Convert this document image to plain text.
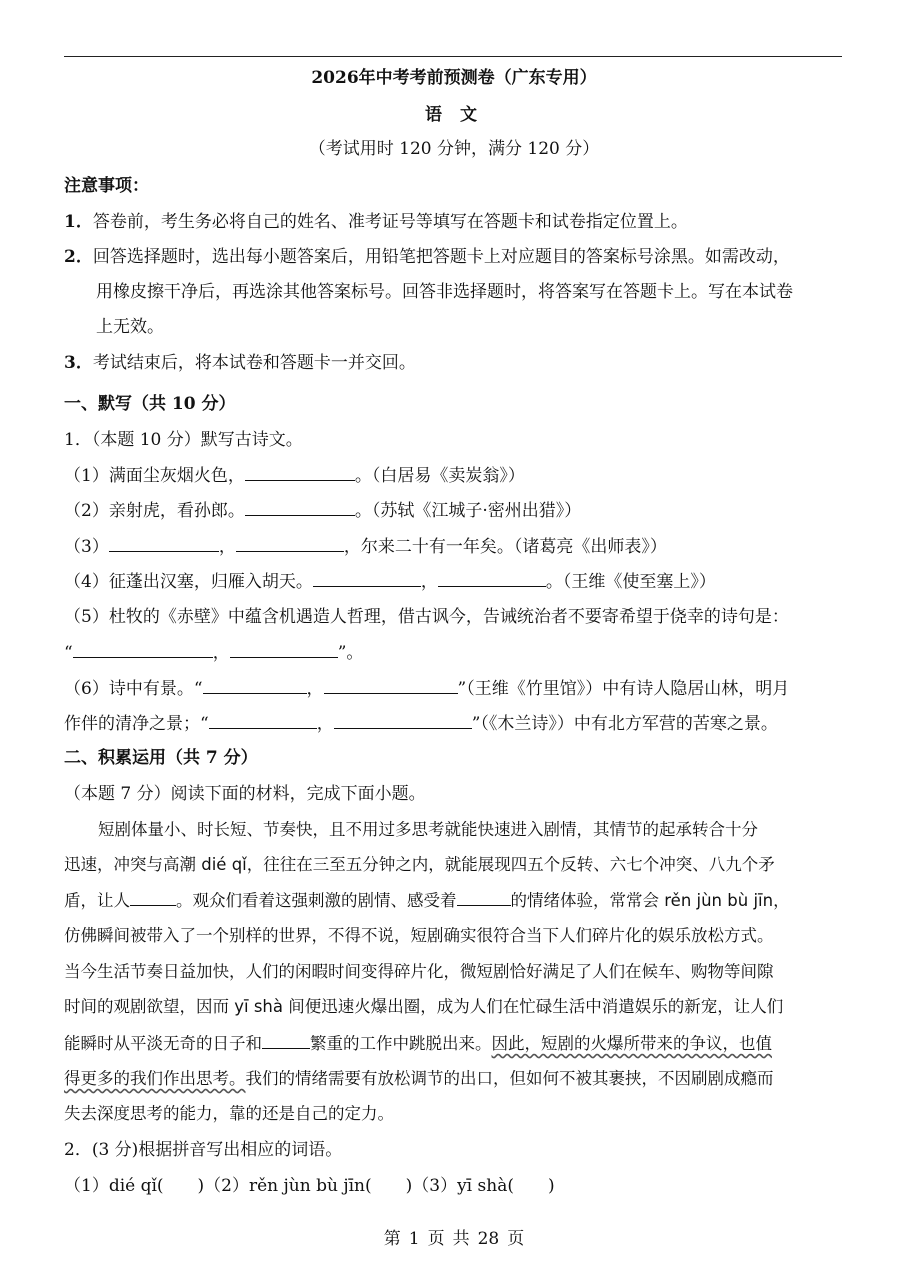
2026年中考考前预测卷（广东专用）
语 文
（考试用时 120 分钟，满分 120 分）
注意事项：
1．答卷前，考生务必将自己的姓名、准考证号等填写在答题卡和试卷指定位置上。
2．回答选择题时，选出每小题答案后，用铅笔把答题卡上对应题目的答案标号涂黑。如需改动，
用橡皮擦干净后，再选涂其他答案标号。回答非选择题时，将答案写在答题卡上。写在本试卷
上无效。
3．考试结束后，将本试卷和答题卡一并交回。
一、默写（共 10 分）
1．（本题 10 分）默写古诗文。
（1）满面尘灰烟火色，	。（白居易《卖炭翁》）
（2）亲射虎，看孙郎。	。（苏轼《江城子·密州出猎》）
（3）	，	，尔来二十有一年矣。（诸葛亮《出师表》）
（4）征蓬出汉塞，归雁入胡天。	，	。（王维《使至塞上》）
（5）杜牧的《赤壁》中蕴含机遇造人哲理，借古讽今，告诫统治者不要寄希望于侥幸的诗句是：
“	，	”。
（6）诗中有景。“	，	”（王维《竹里馆》）中有诗人隐居山林，明月
作伴的清净之景；“	，	”（《木兰诗》）中有北方军营的苦寒之景。
二、积累运用（共 7 分）
（本题 7 分）阅读下面的材料，完成下面小题。
短剧体量小、时长短、节奏快，且不用过多思考就能快速进入剧情，其情节的起承转合十分
迅速，冲突与高潮 dié qǐ，往往在三至五分钟之内，就能展现四五个反转、六七个冲突、八九个矛
盾，让人	。观众们看着这强刺激的剧情、感受着	的情绪体验，常常会 rěn jùn bù jīn，
仿佛瞬间被带入了一个别样的世界，不得不说，短剧确实很符合当下人们碎片化的娱乐放松方式。
当今生活节奏日益加快，人们的闲暇时间变得碎片化，微短剧恰好满足了人们在候车、购物等间隙
时间的观剧欲望，因而 yī shà 间便迅速火爆出圈，成为人们在忙碌生活中消遣娱乐的新宠，让人们
能瞬时从平淡无奇的日子和	繁重的工作中跳脱出来。因此，短剧的火爆所带来的争议，也值
得更多的我们作出思考。我们的情绪需要有放松调节的出口，但如何不被其裹挟，不因刷剧成瘾而
失去深度思考的能力，靠的还是自己的定力。
2．(3 分)根据拼音写出相应的词语。
（1）dié qǐ(　　)（2）rěn jùn bù jīn(　　)（3）yī shà(　　)
第 1 页 共 28 页
